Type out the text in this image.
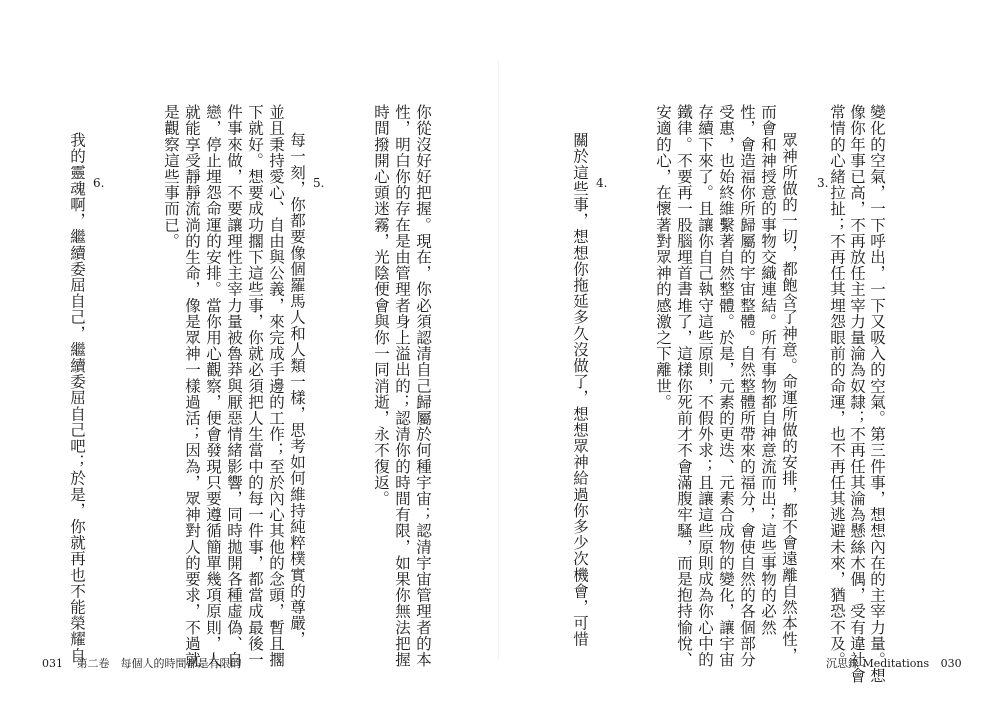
變化的空氣，一下呼出，一下又吸入的空氣。第三件事，想想內在的主宰力量。想
像你年事已高，不再放任主宰力量淪為奴隸；不再任其淪為懸絲木偶，受有違社會
常情的心緒拉扯；不再任其埋怨眼前的命運，也不再任其逃避未來，猶恐不及。
3.
眾神所做的一切，都飽含了神意。命運所做的安排，都不會遠離自然本性，
而會和神授意的事物交織連結。所有事物都自神意流而出；這些事物的必然
性，會造福你所歸屬的宇宙整體。自然整體所帶來的福分，會使自然的各個部分
受惠，也始終維繫著自然整體。於是，元素的更迭、元素合成物的變化，讓宇宙
存續下來了。且讓你自己執守這些原則，不假外求；且讓這些原則成為你心中的
鐵律。不要再一股腦埋首書堆了，這樣你死前才不會滿腹牢騷，而是抱持愉悅、
安適的心，在懷著對眾神的感激之下離世。
4.
關於這些事，想想你拖延多久沒做了，想想眾神給過你多少次機會，可惜
你從沒好好把握。現在，你必須認清自己歸屬於何種宇宙；認清宇宙管理者的本
性，明白你的存在是由管理者身上溢出的；認清你的時間有限，如果你無法把握
時間撥開心頭迷霧，光陰便會與你一同消逝，永不復返。
5.
每一刻，你都要像個羅馬人和人類一樣，思考如何維持純粹樸實的尊嚴，
並且秉持愛心、自由與公義，來完成手邊的工作；至於內心其他的念頭，暫且擱
下就好。想要成功擱下這些事，你就必須把人生當中的每一件事，都當成最後一
件事來做，不要讓理性主宰力量被魯莽與厭惡情緒影響，同時拋開各種虛偽、自
戀，停止埋怨命運的安排。當你用心觀察，便會發現只要遵循簡單幾項原則，人
就能享受靜靜流淌的生命，像是眾神一樣過活；因為，眾神對人的要求，不過就
是觀察這些事而已。
6.
我的靈魂啊，繼續委屈自己，繼續委屈自己吧；於是，你就再也不能榮耀自
031 第二卷　每個人的時間都是有限的	沉思錄 Meditations 030
